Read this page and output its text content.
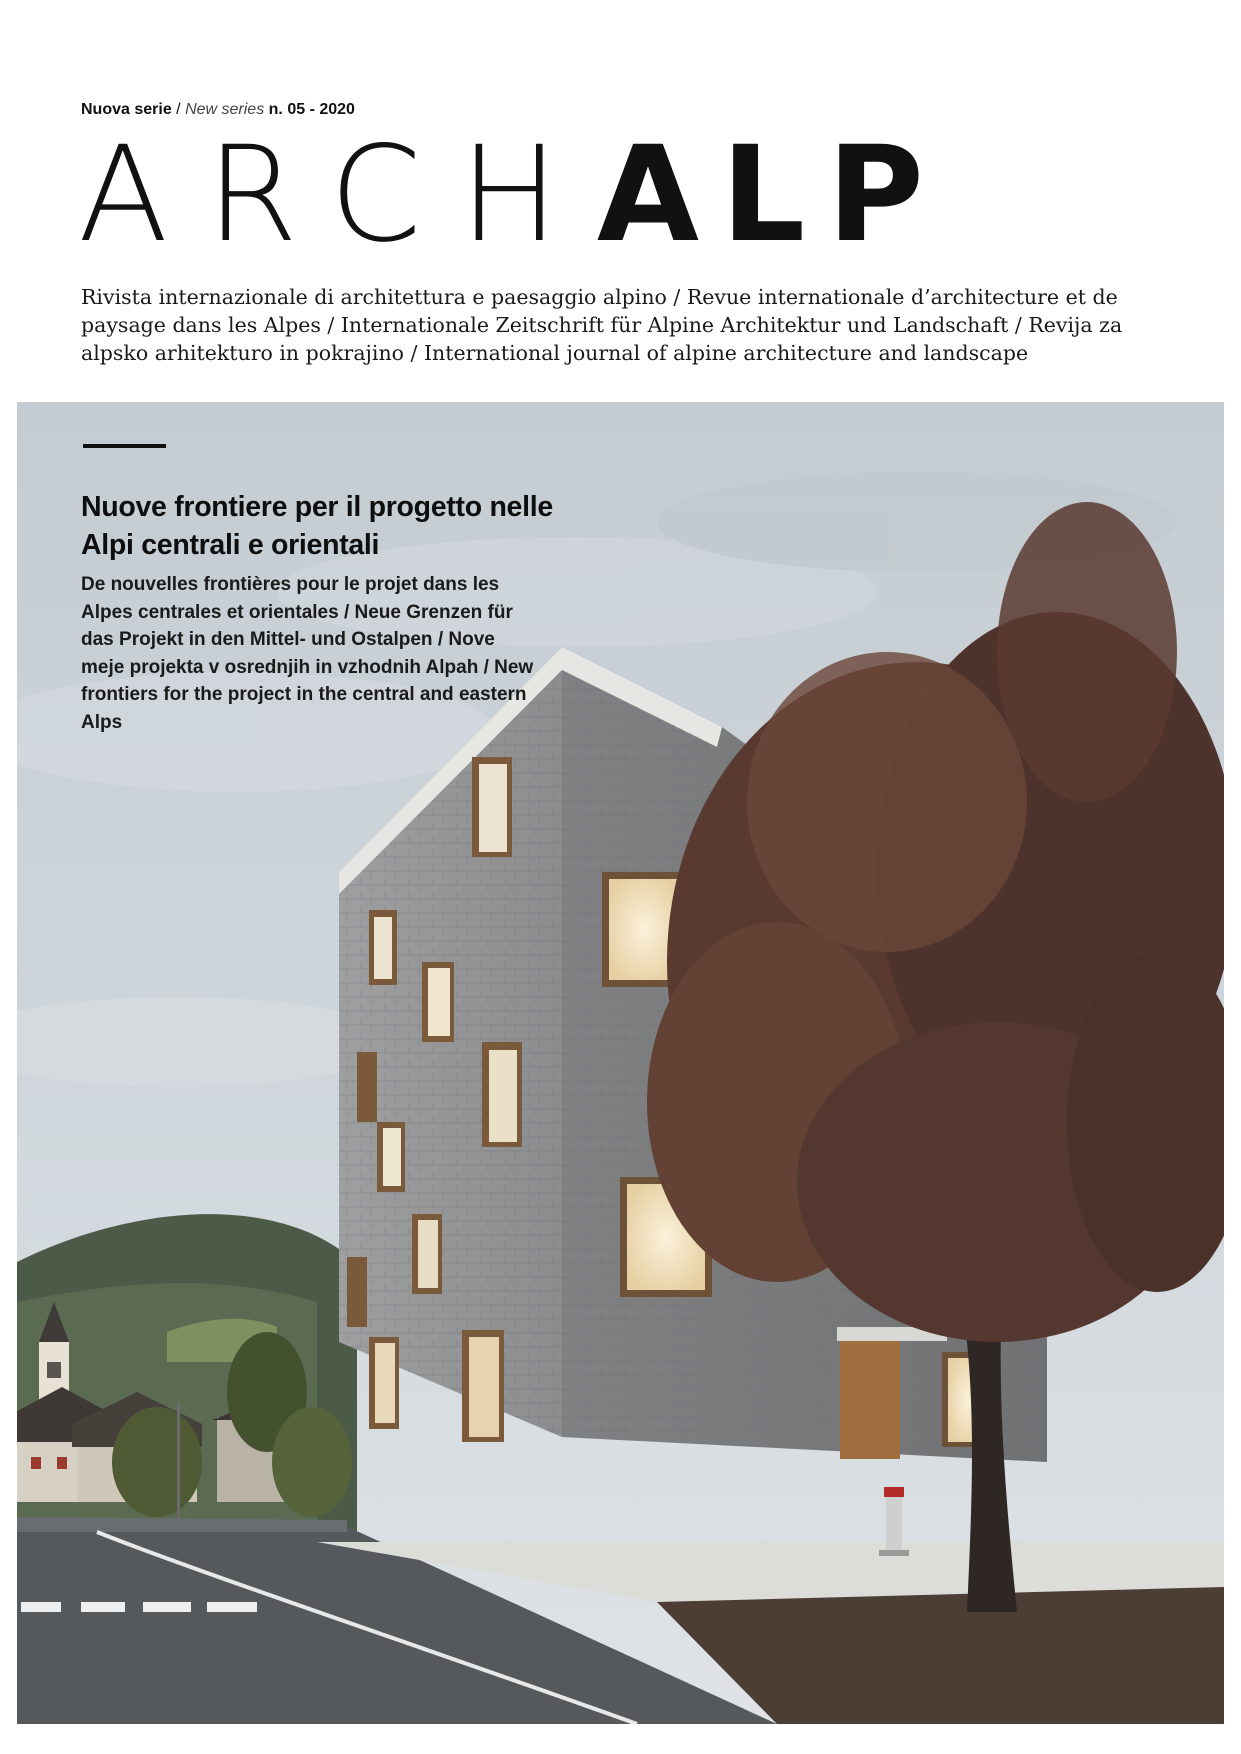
Nuova serie / New series n. 05 - 2020
ARCHALP
Rivista internazionale di architettura e paesaggio alpino / Revue internationale d’architecture et de paysage dans les Alpes / Internationale Zeitschrift für Alpine Architektur und Landschaft / Revija za alpsko arhitekturo in pokrajino / International journal of alpine architecture and landscape
Nuove frontiere per il progetto nelle Alpi centrali e orientali
De nouvelles frontières pour le projet dans les Alpes centrales et orientales / Neue Grenzen für das Projekt in den Mittel- und Ostalpen / Nove meje projekta v osrednjih in vzhodnih Alpah / New frontiers for the project in the central and eastern Alps
